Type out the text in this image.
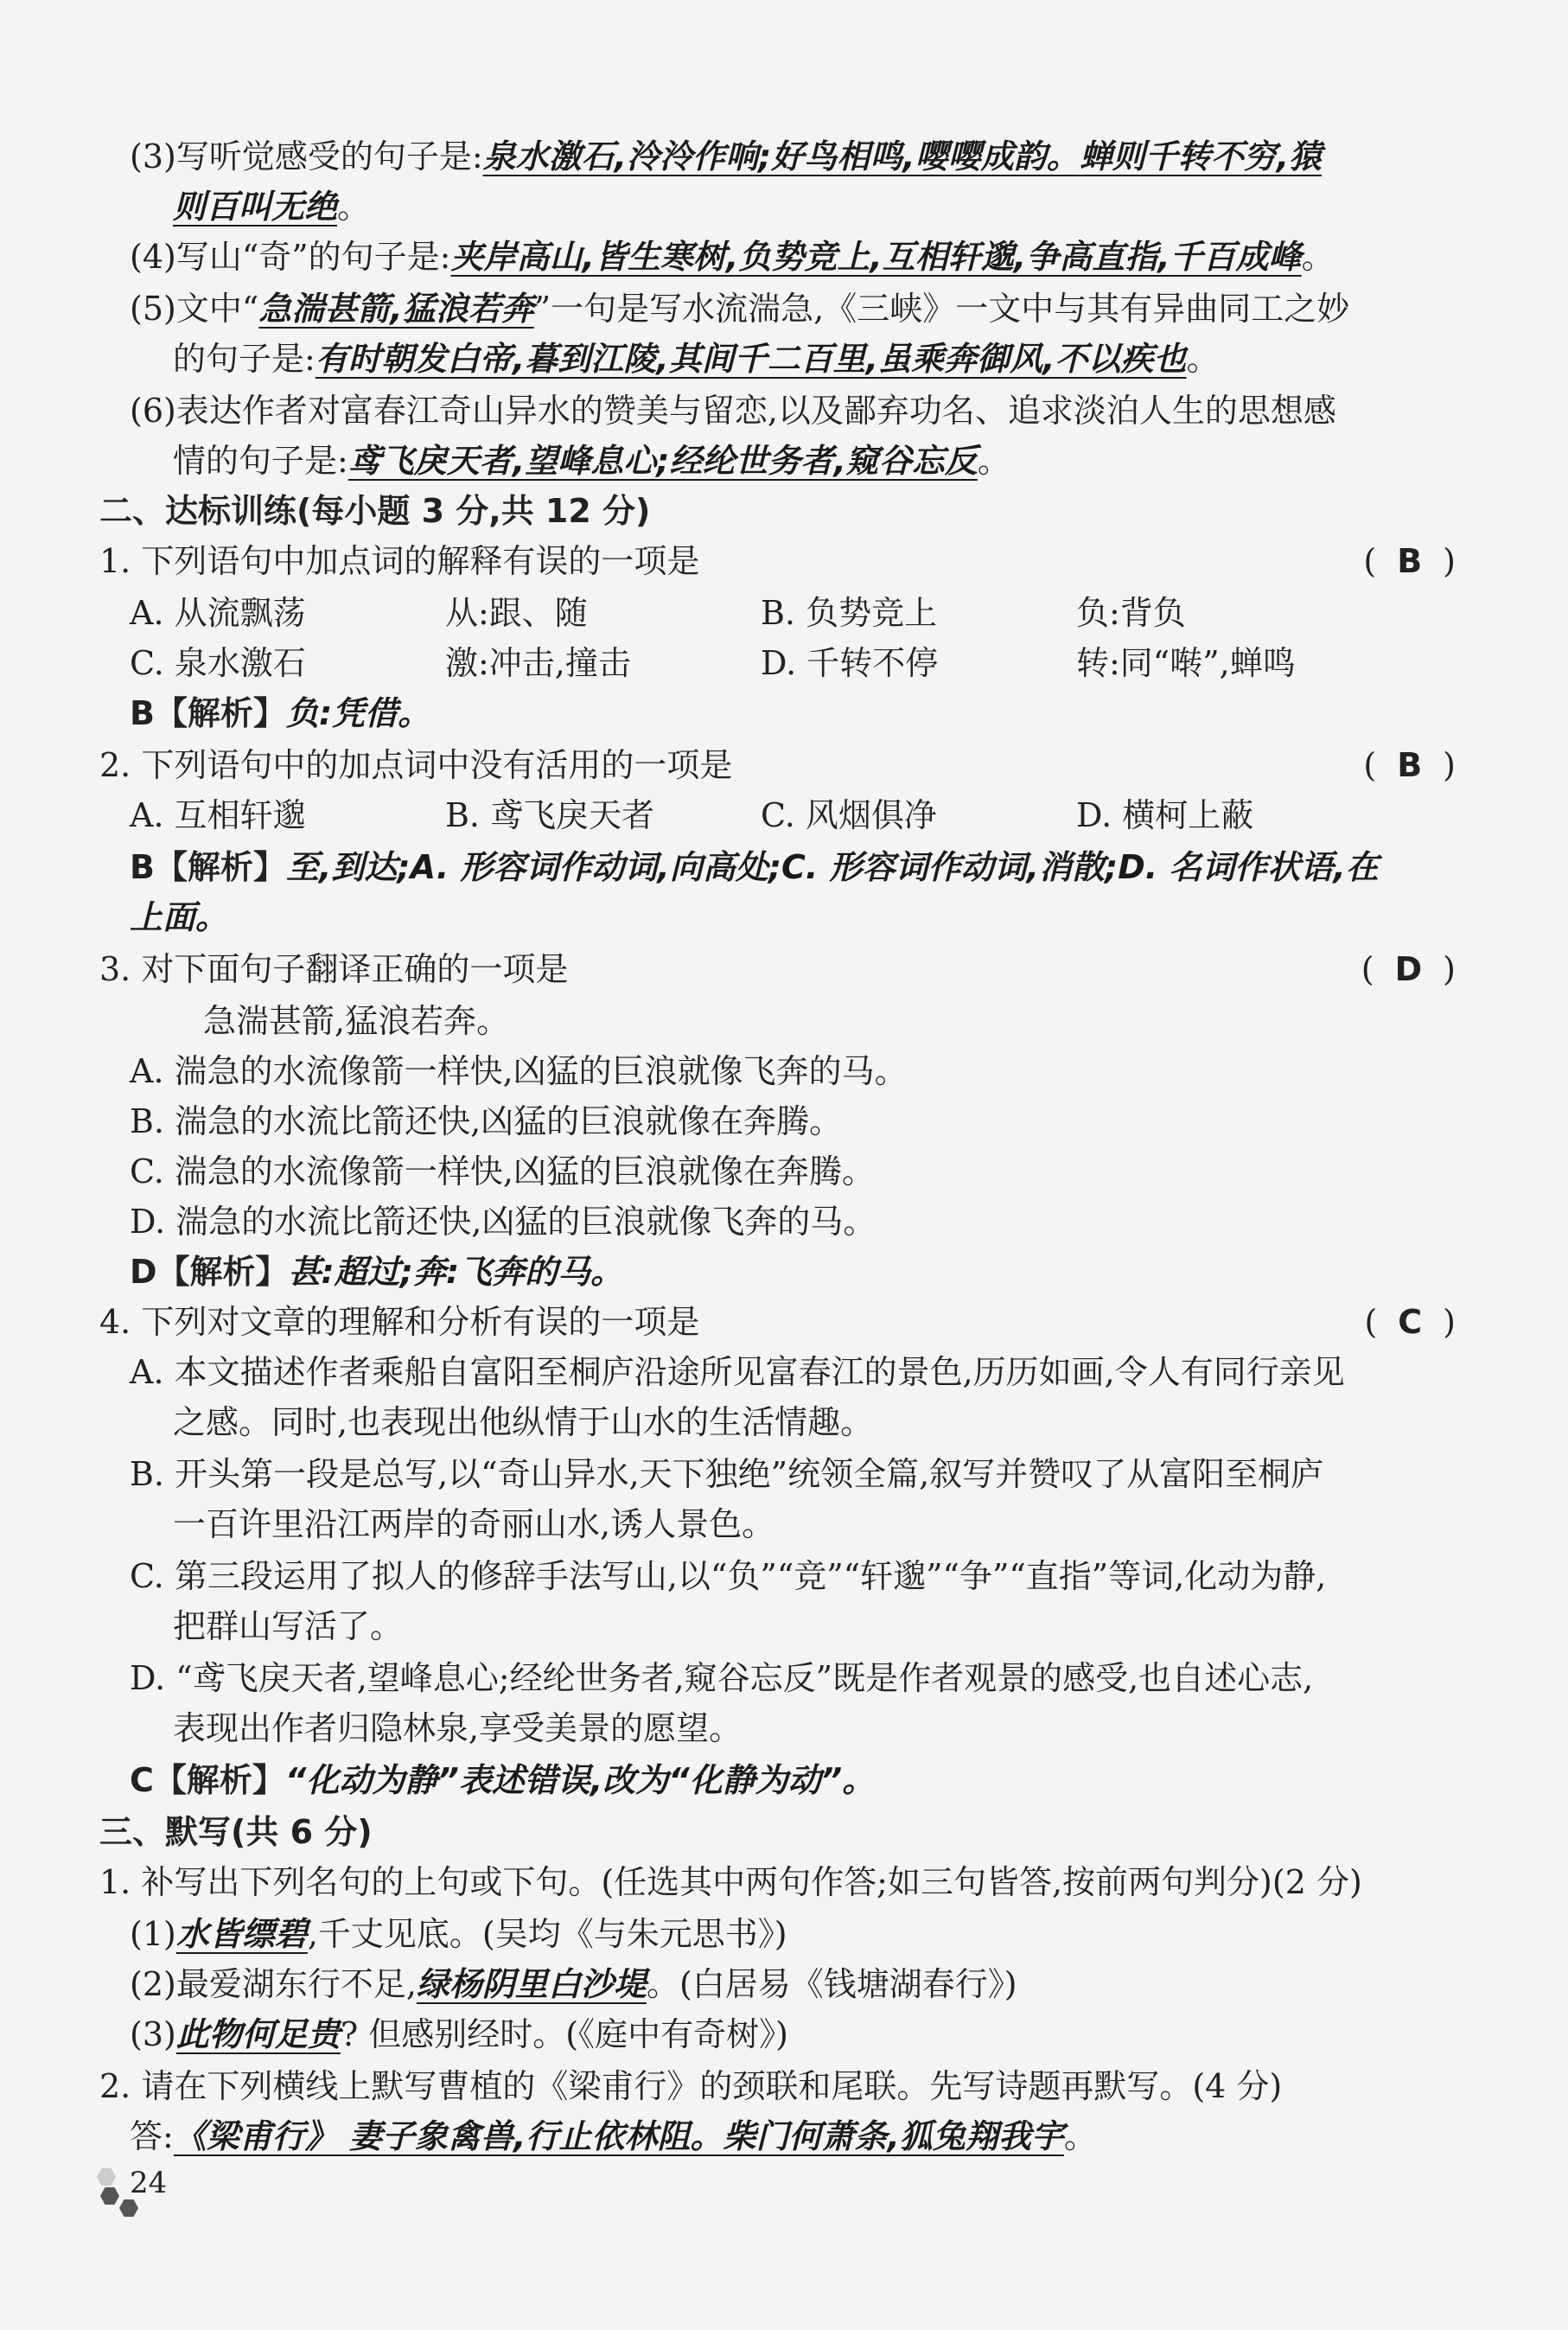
(3)写听觉感受的句子是:泉水激石,泠泠作响;好鸟相鸣,嘤嘤成韵。蝉则千转不穷,猿
则百叫无绝。
(4)写山“奇”的句子是:夹岸高山,皆生寒树,负势竞上,互相轩邈,争高直指,千百成峰。
(5)文中“急湍甚箭,猛浪若奔”一句是写水流湍急,《三峡》一文中与其有异曲同工之妙
的句子是:有时朝发白帝,暮到江陵,其间千二百里,虽乘奔御风,不以疾也。
(6)表达作者对富春江奇山异水的赞美与留恋,以及鄙弃功名、追求淡泊人生的思想感
情的句子是:鸢飞戾天者,望峰息心;经纶世务者,窥谷忘反。
二、达标训练(每小题 3 分,共 12 分)
1. 下列语句中加点词的解释有误的一项是	( B )
A. 从流飘荡	从:跟、随	B. 负势竞上	负:背负
C. 泉水激石	激:冲击,撞击	D. 千转不停	转:同“啭”,蝉鸣
B【解析】负:凭借。
2. 下列语句中的加点词中没有活用的一项是	( B )
A. 互相轩邈	B. 鸢飞戾天者	C. 风烟俱净	D. 横柯上蔽
B【解析】至,到达;A. 形容词作动词,向高处;C. 形容词作动词,消散;D. 名词作状语,在
上面。
3. 对下面句子翻译正确的一项是	( D )
急湍甚箭,猛浪若奔。
A. 湍急的水流像箭一样快,凶猛的巨浪就像飞奔的马。
B. 湍急的水流比箭还快,凶猛的巨浪就像在奔腾。
C. 湍急的水流像箭一样快,凶猛的巨浪就像在奔腾。
D. 湍急的水流比箭还快,凶猛的巨浪就像飞奔的马。
D【解析】甚:超过;奔:飞奔的马。
4. 下列对文章的理解和分析有误的一项是	( C )
A. 本文描述作者乘船自富阳至桐庐沿途所见富春江的景色,历历如画,令人有同行亲见
之感。同时,也表现出他纵情于山水的生活情趣。
B. 开头第一段是总写,以“奇山异水,天下独绝”统领全篇,叙写并赞叹了从富阳至桐庐
一百许里沿江两岸的奇丽山水,诱人景色。
C. 第三段运用了拟人的修辞手法写山,以“负”“竞”“轩邈”“争”“直指”等词,化动为静,
把群山写活了。
D. “鸢飞戾天者,望峰息心;经纶世务者,窥谷忘反”既是作者观景的感受,也自述心志,
表现出作者归隐林泉,享受美景的愿望。
C【解析】“化动为静”表述错误,改为“化静为动”。
三、默写(共 6 分)
1. 补写出下列名句的上句或下句。(任选其中两句作答;如三句皆答,按前两句判分)(2 分)
(1)水皆缥碧,千丈见底。(吴均《与朱元思书》)
(2)最爱湖东行不足,绿杨阴里白沙堤。(白居易《钱塘湖春行》)
(3)此物何足贵? 但感别经时。(《庭中有奇树》)
2. 请在下列横线上默写曹植的《梁甫行》的颈联和尾联。先写诗题再默写。(4 分)
答:《梁甫行》 妻子象禽兽,行止依林阻。柴门何萧条,狐兔翔我宇。
24
